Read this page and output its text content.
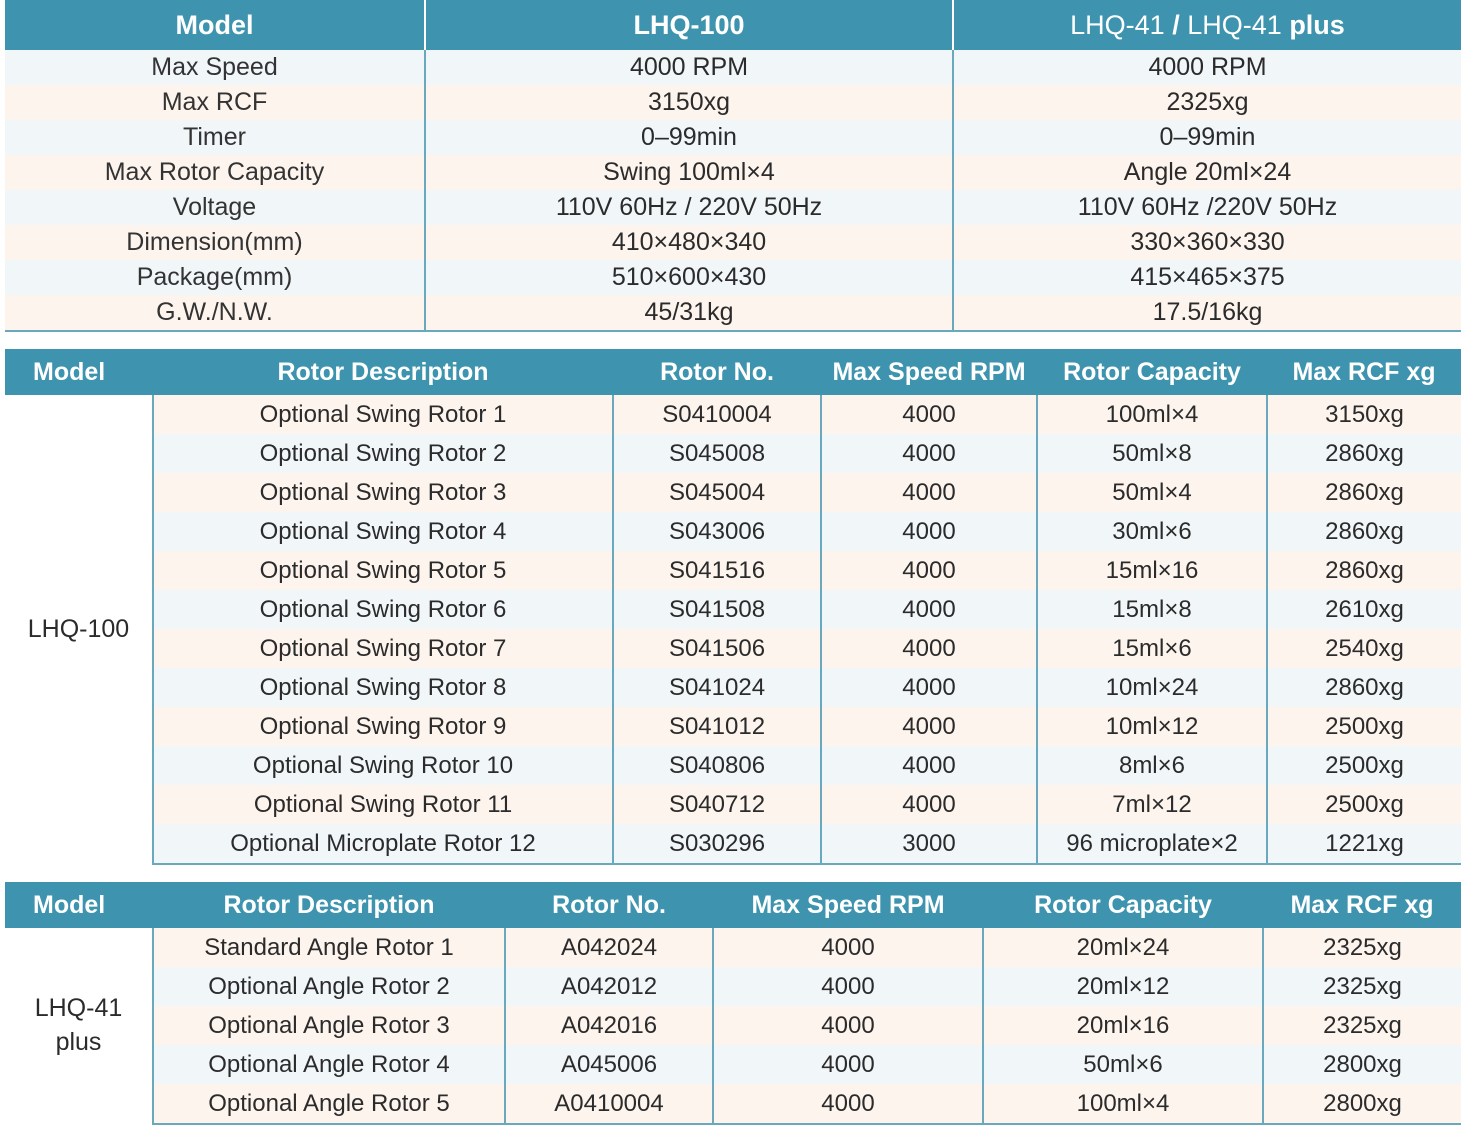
Model	LHQ-100	LHQ-41 / LHQ-41 plus
Max Speed	4000 RPM	4000 RPM
Max RCF	3150xg	2325xg
Timer	0–99min	0–99min
Max Rotor Capacity	Swing 100ml×4	Angle 20ml×24
Voltage	110V 60Hz / 220V 50Hz	110V 60Hz /220V 50Hz
Dimension(mm)	410×480×340	330×360×330
Package(mm)	510×600×430	415×465×375
G.W./N.W.	45/31kg	17.5/16kg
Model	Rotor Description	Rotor No.	Max Speed RPM	Rotor Capacity	Max RCF xg
LHQ-100	Optional Swing Rotor 1	S0410004	4000	100ml×4	3150xg
	Optional Swing Rotor 2	S045008	4000	50ml×8	2860xg
	Optional Swing Rotor 3	S045004	4000	50ml×4	2860xg
	Optional Swing Rotor 4	S043006	4000	30ml×6	2860xg
	Optional Swing Rotor 5	S041516	4000	15ml×16	2860xg
	Optional Swing Rotor 6	S041508	4000	15ml×8	2610xg
	Optional Swing Rotor 7	S041506	4000	15ml×6	2540xg
	Optional Swing Rotor 8	S041024	4000	10ml×24	2860xg
	Optional Swing Rotor 9	S041012	4000	10ml×12	2500xg
	Optional Swing Rotor 10	S040806	4000	8ml×6	2500xg
	Optional Swing Rotor 11	S040712	4000	7ml×12	2500xg
	Optional Microplate Rotor 12	S030296	3000	96 microplate×2	1221xg
Model	Rotor Description	Rotor No.	Max Speed RPM	Rotor Capacity	Max RCF xg

LHQ-41
plus	Standard Angle Rotor 1	A042024	4000	20ml×24	2325xg
	Optional Angle Rotor 2	A042012	4000	20ml×12	2325xg
	Optional Angle Rotor 3	A042016	4000	20ml×16	2325xg
	Optional Angle Rotor 4	A045006	4000	50ml×6	2800xg
	Optional Angle Rotor 5	A0410004	4000	100ml×4	2800xg
